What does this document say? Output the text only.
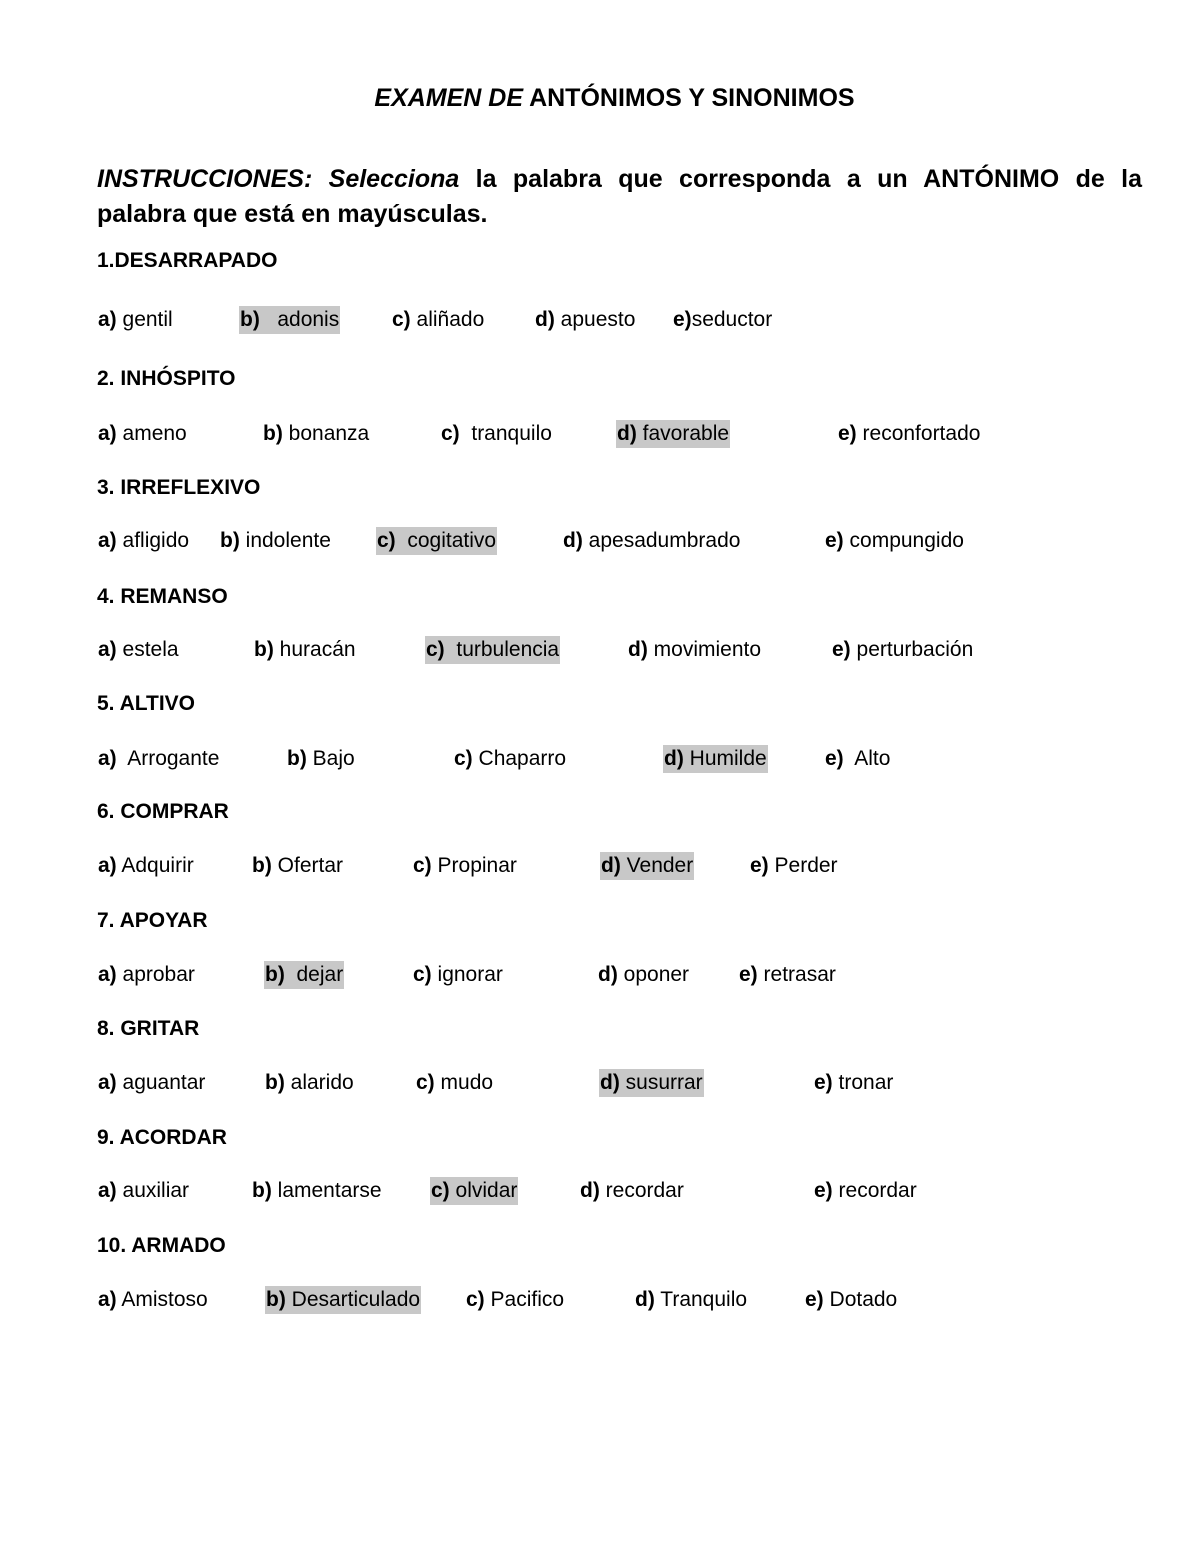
EXAMEN DE ANTÓNIMOS Y SINONIMOS
INSTRUCCIONES: Selecciona la palabra que corresponda a un ANTÓNIMO de la palabra que está en mayúsculas.
1.DESARRAPADO
a) gentil	b)   adonis	c) aliñado d) apuesto e)seductor
2. INHÓSPITO
a) ameno	b) bonanza	c)  tranquilo	d) favorable	e) reconfortado
3. IRREFLEXIVO
a) afligido b) indolente c)  cogitativo	d) apesadumbrado	e) compungido
4. REMANSO
a) estela	b) huracán	c)  turbulencia	d) movimiento	e) perturbación
5. ALTIVO
a)  Arrogante	b) Bajo	c) Chaparro	d) Humilde	e)  Alto
6. COMPRAR
a) Adquirir	b) Ofertar	c) Propinar	d) Vender	e) Perder
7. APOYAR
a) aprobar	b)  dejar	c) ignorar	d) oponer e) retrasar
8. GRITAR
a) aguantar	b) alarido	c) mudo	d) susurrar	e) tronar
9. ACORDAR
a) auxiliar	b) lamentarse c) olvidar	d) recordar	e) recordar
10. ARMADO
a) Amistoso	b) Desarticulado c) Pacifico	d) Tranquilo	e) Dotado
